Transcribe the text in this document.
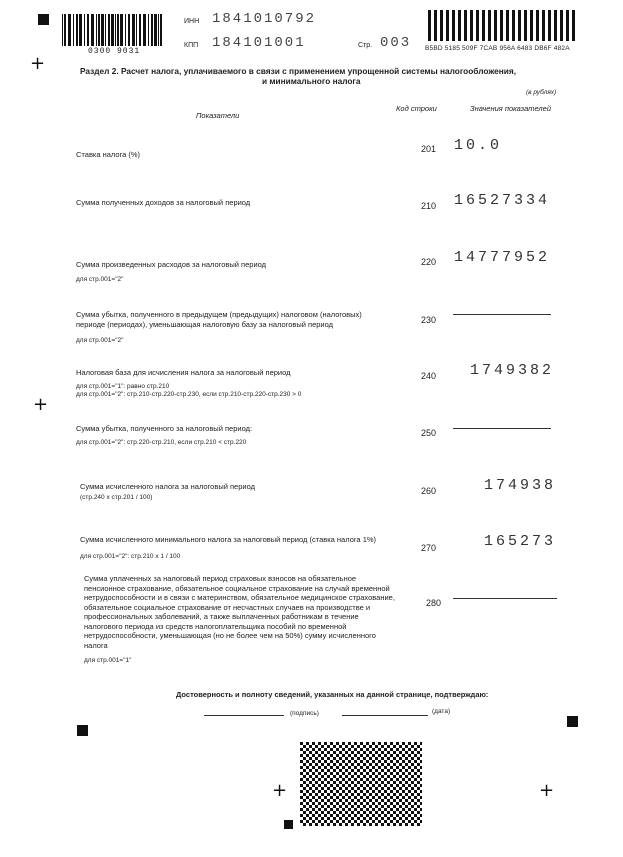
+
+
+	+
0300 9031
ИНН 1841010792
КПП 184101001	Стр. 003 B5BD 5185 509F 7CAB 956A 6483 DB6F 482A
Раздел 2. Расчет налога, уплачиваемого в связи с применением упрощенной системы налогообложения,
и минимального налога
(в рублях)
Показатели
Код строки	Значения показателей
Ставка налога (%)
201 10.0
Сумма полученных доходов за налоговый период	210 16527334
Сумма произведенных расходов за налоговый период
для стр.001="2"
220 14777952
Сумма убытка, полученного в предыдущем (предыдущих) налоговом (налоговых)
периоде (периодах), уменьшающая налоговую базу за налоговый период
для стр.001="2"
230
Налоговая база для исчисления налога за налоговый период
для стр.001="1": равно стр.210
для стр.001="2": стр.210-стр.220-стр.230, если стр.210-стр.220-стр.230 > 0
240 1749382
Сумма убытка, полученного за налоговый период:
для стр.001="2": стр.220-стр.210, если стр.210 < стр.220
250
Сумма исчисленного налога за налоговый период
(стр.240 х стр.201 / 100)
260	174938
Сумма исчисленного минимального налога за налоговый период (ставка налога 1%)
для стр.001="2": стр.210 х 1 / 100
270	165273
Сумма уплаченных за налоговый период страховых взносов на обязательное
пенсионное страхование, обязательное социальное страхование на случай временной
нетрудоспособности и в связи с материнством, обязательное медицинское страхование,
обязательное социальное страхование от несчастных случаев на производстве и
профессиональных заболеваний, а также выплаченных работникам в течение
налогового периода из средств налогоплательщика пособий по временной
нетрудоспособности, уменьшающая (но не более чем на 50%) сумму исчисленного
налога
для стр.001="1"
280
Достоверность и полноту сведений, указанных на данной странице, подтверждаю:
(подпись)	(дата)
